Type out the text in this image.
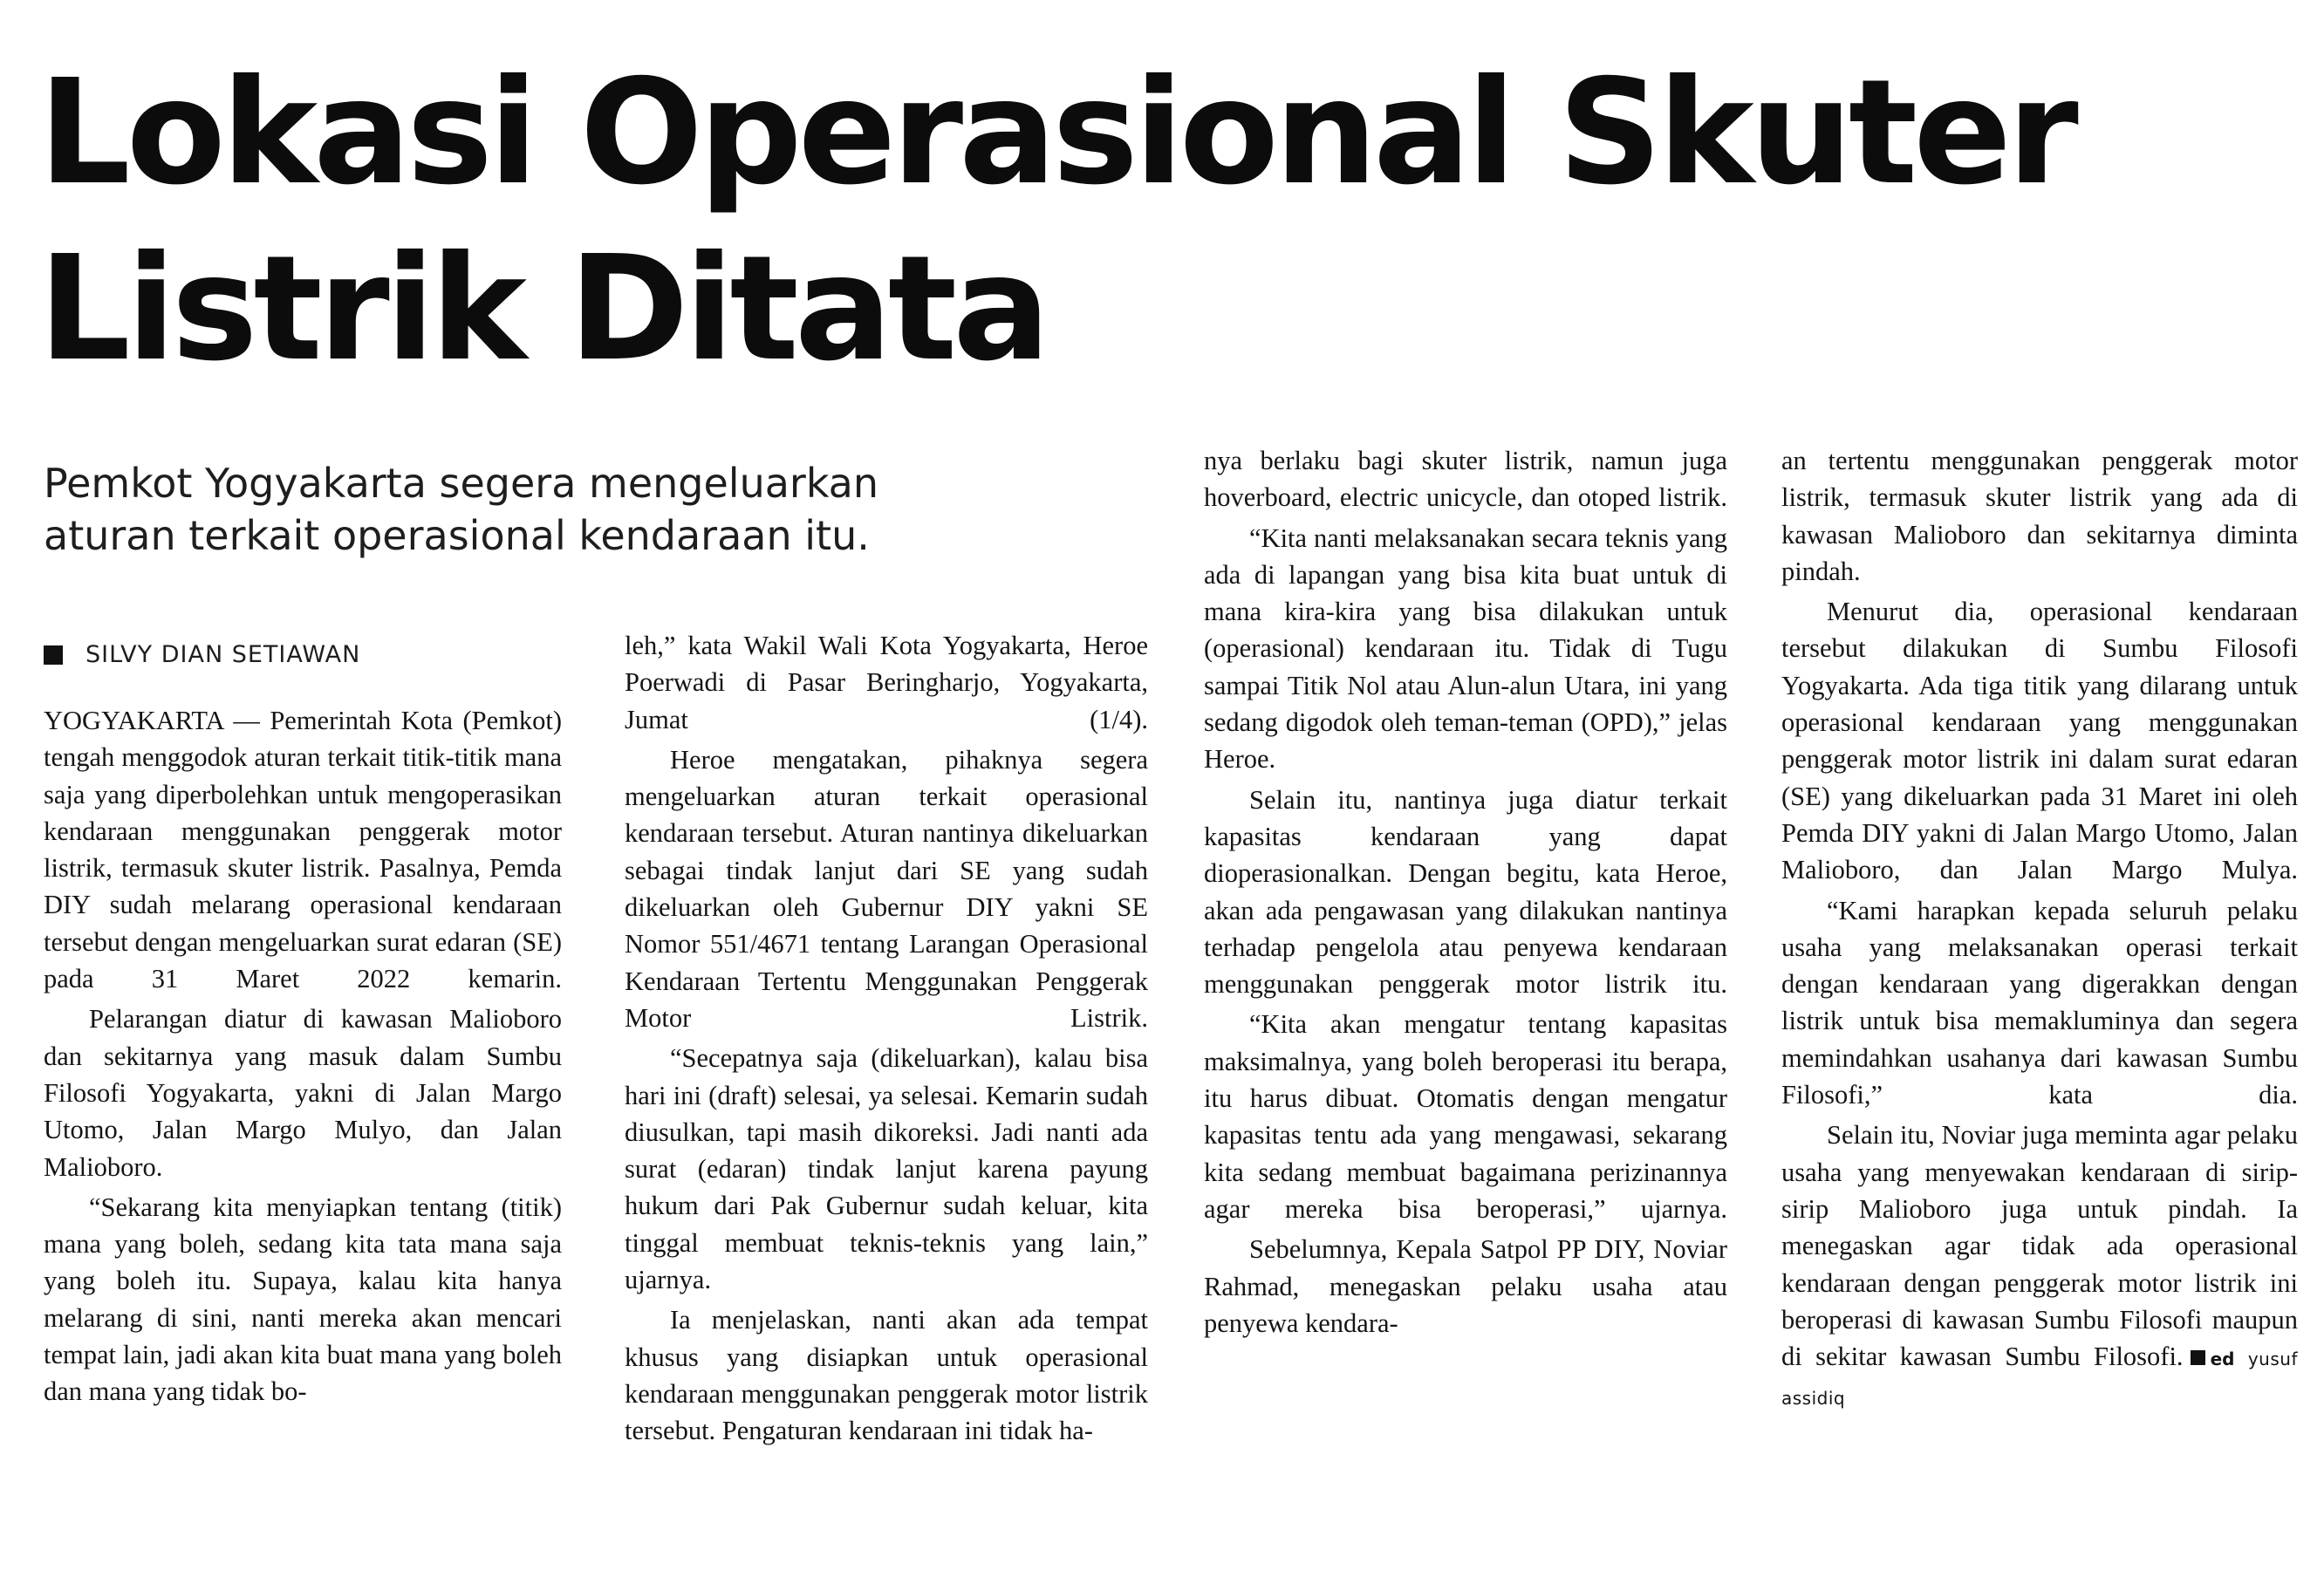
Lokasi Operasional Skuter
Listrik Ditata
Pemkot Yogyakarta segera mengeluarkan
aturan terkait operasional kendaraan itu.
SILVY DIAN SETIAWAN

YOGYAKARTA — Pemerintah Kota (Pemkot) tengah menggodok aturan terkait titik-titik mana saja yang diperbolehkan untuk mengoperasikan kendaraan menggunakan penggerak motor listrik, termasuk skuter listrik. Pasalnya, Pemda DIY sudah melarang operasional kendaraan tersebut dengan mengeluarkan surat edaran (SE) pada 31 Maret 2022 kemarin.

Pelarangan diatur di kawasan Malioboro dan sekitarnya yang masuk dalam Sumbu Filosofi Yogyakarta, yakni di Jalan Margo Utomo, Jalan Margo Mulyo, dan Jalan Malioboro.

“Sekarang kita menyiapkan tentang (titik) mana yang boleh, sedang kita tata mana saja yang boleh itu. Supaya, kalau kita hanya melarang di sini, nanti mereka akan mencari tempat lain, jadi akan kita buat mana yang boleh dan mana yang tidak bo-

leh,” kata Wakil Wali Kota Yogyakarta, Heroe Poerwadi di Pasar Beringharjo, Yogyakarta, Jumat (1/4).

Heroe mengatakan, pihaknya segera mengeluarkan aturan terkait operasional kendaraan tersebut. Aturan nantinya dikeluarkan sebagai tindak lanjut dari SE yang sudah dikeluarkan oleh Gubernur DIY yakni SE Nomor 551/4671 tentang Larangan Operasional Kendaraan Tertentu Menggunakan Penggerak Motor Listrik.

“Secepatnya saja (dikeluarkan), kalau bisa hari ini (draft) selesai, ya selesai. Kemarin sudah diusulkan, tapi masih dikoreksi. Jadi nanti ada surat (edaran) tindak lanjut karena payung hukum dari Pak Gubernur sudah keluar, kita tinggal membuat teknis-teknis yang lain,” ujarnya.

Ia menjelaskan, nanti akan ada tempat khusus yang disiapkan untuk operasional kendaraan menggunakan penggerak motor listrik tersebut. Pengaturan kendaraan ini tidak ha-

nya berlaku bagi skuter listrik, namun juga hoverboard, electric unicycle, dan otoped listrik.

“Kita nanti melaksanakan secara teknis yang ada di lapangan yang bisa kita buat untuk di mana kira-kira yang bisa dilakukan untuk (operasional) kendaraan itu. Tidak di Tugu sampai Titik Nol atau Alun-alun Utara, ini yang sedang digodok oleh teman-teman (OPD),” jelas Heroe.

Selain itu, nantinya juga diatur terkait kapasitas kendaraan yang dapat dioperasionalkan. Dengan begitu, kata Heroe, akan ada pengawasan yang dilakukan nantinya terhadap pengelola atau penyewa kendaraan menggunakan penggerak motor listrik itu.

“Kita akan mengatur tentang kapasitas maksimalnya, yang boleh beroperasi itu berapa, itu harus dibuat. Otomatis dengan mengatur kapasitas tentu ada yang mengawasi, sekarang kita sedang membuat bagaimana perizinannya agar mereka bisa beroperasi,” ujarnya.

Sebelumnya, Kepala Satpol PP DIY, Noviar Rahmad, menegaskan pelaku usaha atau penyewa kendara-

an tertentu menggunakan penggerak motor listrik, termasuk skuter listrik yang ada di kawasan Malioboro dan sekitarnya diminta pindah.

Menurut dia, operasional kendaraan tersebut dilakukan di Sumbu Filosofi Yogyakarta. Ada tiga titik yang dilarang untuk operasional kendaraan yang menggunakan penggerak motor listrik ini dalam surat edaran (SE) yang dikeluarkan pada 31 Maret ini oleh Pemda DIY yakni di Jalan Margo Utomo, Jalan Malioboro, dan Jalan Margo Mulya.

“Kami harapkan kepada seluruh pelaku usaha yang melaksanakan operasi terkait dengan kendaraan yang digerakkan dengan listrik untuk bisa memakluminya dan segera memindahkan usahanya dari kawasan Sumbu Filosofi,” kata dia.

Selain itu, Noviar juga meminta agar pelaku usaha yang menyewakan kendaraan di sirip-sirip Malioboro juga untuk pindah. Ia menegaskan agar tidak ada operasional kendaraan dengan penggerak motor listrik ini beroperasi di kawasan Sumbu Filosofi maupun di sekitar kawasan Sumbu Filosofi. ed yusuf assidiq
